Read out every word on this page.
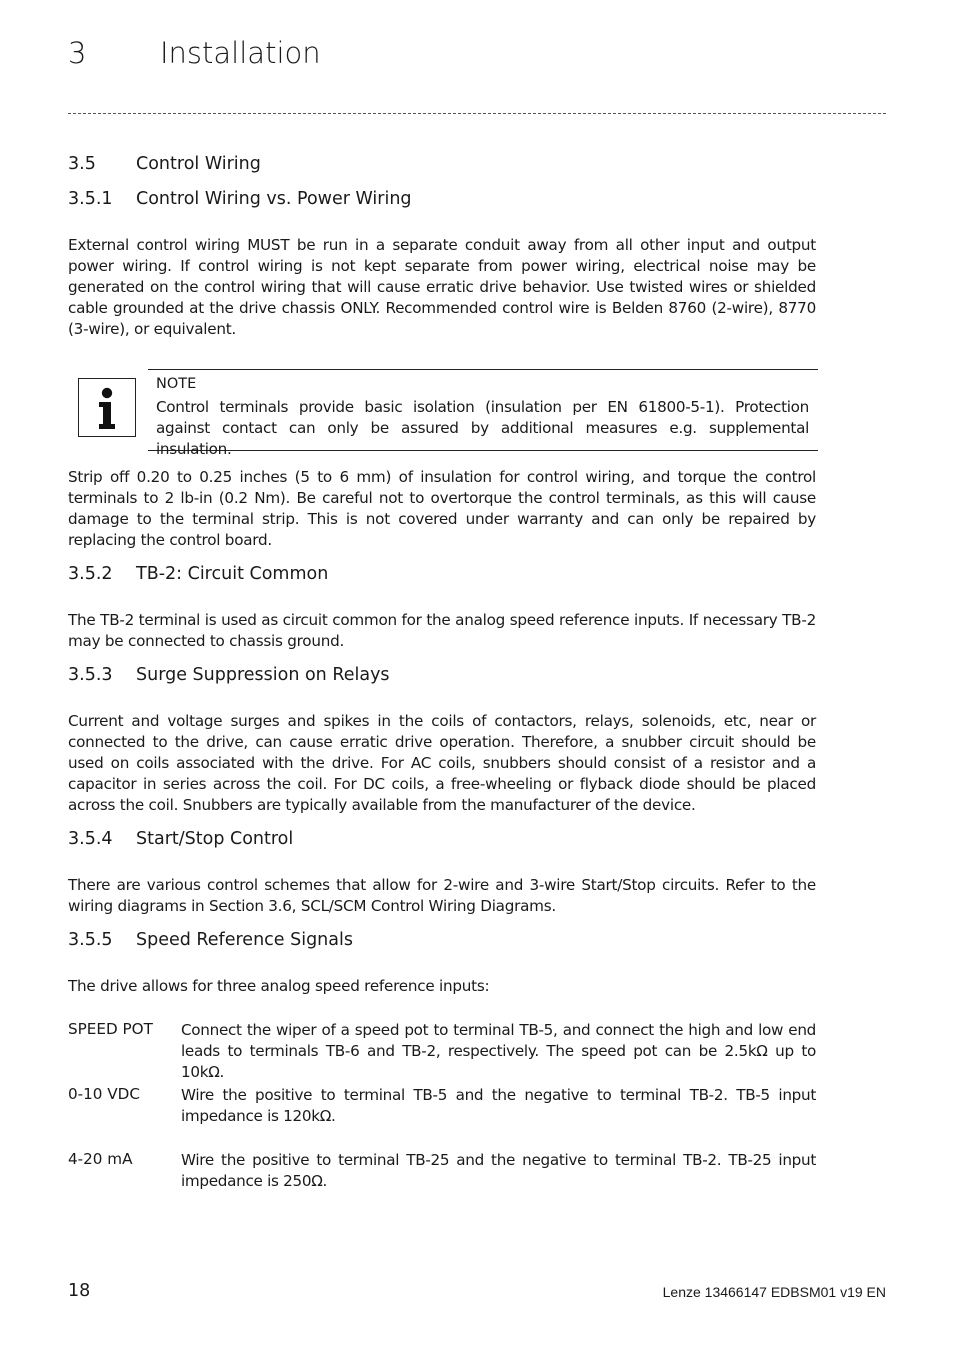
3	Installation
3.5 Control Wiring
3.5.1 Control Wiring vs. Power Wiring

External control wiring MUST be run in a separate conduit away from all other input and output power wiring. If control wiring is not kept separate from power wiring, electrical noise may be generated on the control wiring that will cause erratic drive behavior. Use twisted wires or shielded cable grounded at the drive chassis ONLY. Recommended control wire is Belden 8760 (2-wire), 8770 (3-wire), or equivalent.

NOTE

Control terminals provide basic isolation (insulation per EN 61800-5-1). Protection against contact can only be assured by additional measures e.g. supplemental insulation.

Strip off 0.20 to 0.25 inches (5 to 6 mm) of insulation for control wiring, and torque the control terminals to 2 lb-in (0.2 Nm). Be careful not to overtorque the control terminals, as this will cause damage to the terminal strip. This is not covered under warranty and can only be repaired by replacing the control board.

3.5.2 TB-2: Circuit Common

The TB-2 terminal is used as circuit common for the analog speed reference inputs. If necessary TB-2 may be connected to chassis ground.

3.5.3 Surge Suppression on Relays

Current and voltage surges and spikes in the coils of contactors, relays, solenoids, etc, near or connected to the drive, can cause erratic drive operation. Therefore, a snubber circuit should be used on coils associated with the drive. For AC coils, snubbers should consist of a resistor and a capacitor in series across the coil. For DC coils, a free-wheeling or flyback diode should be placed across the coil. Snubbers are typically available from the manufacturer of the device.

3.5.4 Start/Stop Control

There are various control schemes that allow for 2-wire and 3-wire Start/Stop circuits. Refer to the wiring diagrams in Section 3.6, SCL/SCM Control Wiring Diagrams.

3.5.5 Speed Reference Signals

The drive allows for three analog speed reference inputs:

SPEED POT Connect the wiper of a speed pot to terminal TB-5, and connect the high and low end leads to terminals TB-6 and TB-2, respectively. The speed pot can be 2.5kΩ up to 10kΩ.

0-10 VDC	Wire the positive to terminal TB-5 and the negative to terminal TB-2. TB-5 input impedance is 120kΩ.

4-20 mA	Wire the positive to terminal TB-25 and the negative to terminal TB-2. TB-25 input impedance is 250Ω.

18	Lenze 13466147 EDBSM01 v19 EN
